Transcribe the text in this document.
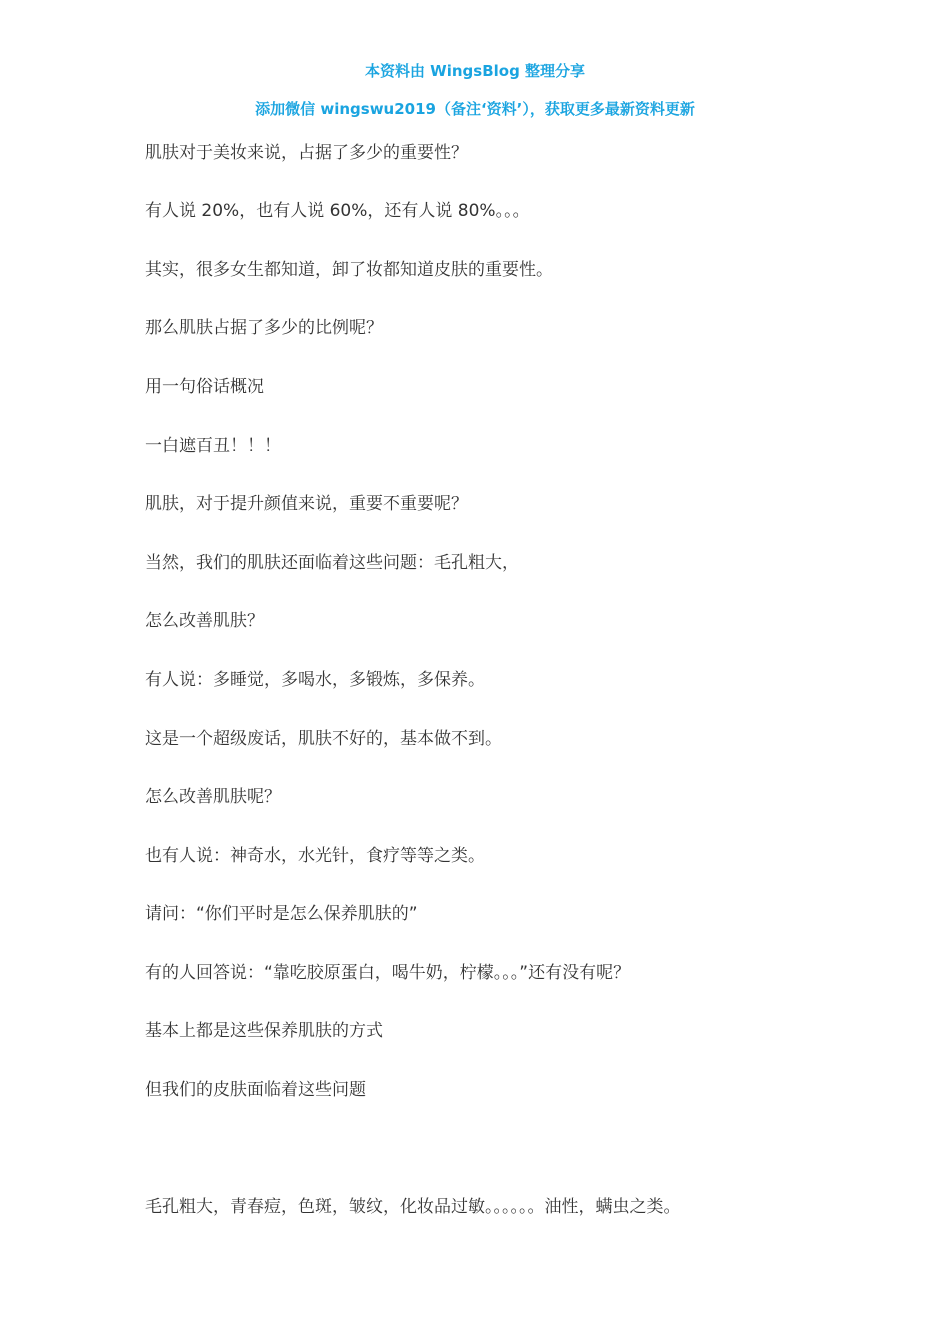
本资料由 WingsBlog 整理分享
添加微信 wingswu2019（备注‘资料’），获取更多最新资料更新
肌肤对于美妆来说，占据了多少的重要性？
有人说 20%，也有人说 60%，还有人说 80%。。。
其实，很多女生都知道，卸了妆都知道皮肤的重要性。
那么肌肤占据了多少的比例呢？
用一句俗话概况
一白遮百丑！！！
肌肤，对于提升颜值来说，重要不重要呢？
当然，我们的肌肤还面临着这些问题：毛孔粗大，
怎么改善肌肤？
有人说：多睡觉，多喝水，多锻炼，多保养。
这是一个超级废话，肌肤不好的，基本做不到。
怎么改善肌肤呢？
也有人说：神奇水，水光针，食疗等等之类。
请问：“你们平时是怎么保养肌肤的”
有的人回答说：“靠吃胶原蛋白，喝牛奶，柠檬。。。”还有没有呢？
基本上都是这些保养肌肤的方式
但我们的皮肤面临着这些问题
毛孔粗大，青春痘，色斑，皱纹，化妆品过敏。。。。。。油性，螨虫之类。
